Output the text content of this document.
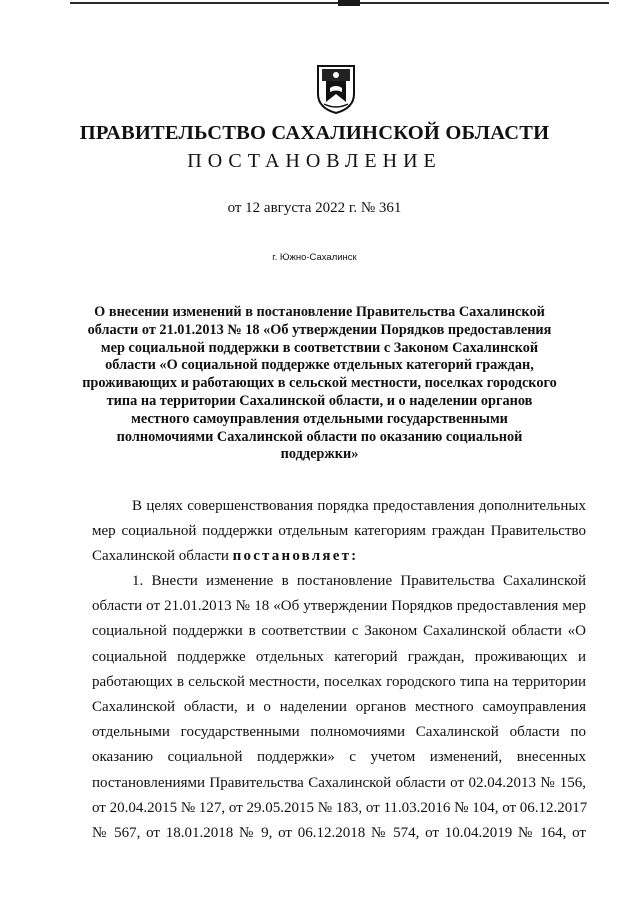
ПРАВИТЕЛЬСТВО САХАЛИНСКОЙ ОБЛАСТИ
ПОСТАНОВЛЕНИЕ
от 12 августа 2022 г. № 361
г. Южно-Сахалинск
О внесении изменений в постановление Правительства Сахалинской
области от 21.01.2013 № 18 «Об утверждении Порядков предоставления
мер социальной поддержки в соответствии с Законом Сахалинской
области «О социальной поддержке отдельных категорий граждан,
проживающих и работающих в сельской местности, поселках городского
типа на территории Сахалинской области, и о наделении органов
местного самоуправления отдельными государственными
полномочиями Сахалинской области по оказанию социальной
поддержки»
В целях совершенствования порядка предоставления дополнительных
мер социальной поддержки отдельным категориям граждан Правительство
Сахалинской области постановляет:
1. Внести изменение в постановление Правительства Сахалинской
области от 21.01.2013 № 18 «Об утверждении Порядков предоставления мер
социальной поддержки в соответствии с Законом Сахалинской области «О
социальной поддержке отдельных категорий граждан, проживающих и
работающих в сельской местности, поселках городского типа на территории
Сахалинской области, и о наделении органов местного самоуправления
отдельными государственными полномочиями Сахалинской области по
оказанию социальной поддержки» с учетом изменений, внесенных
постановлениями Правительства Сахалинской области от 02.04.2013 № 156,
от 20.04.2015 № 127, от 29.05.2015 № 183, от 11.03.2016 № 104, от 06.12.2017
№ 567, от 18.01.2018 № 9, от 06.12.2018 № 574, от 10.04.2019 № 164, от
